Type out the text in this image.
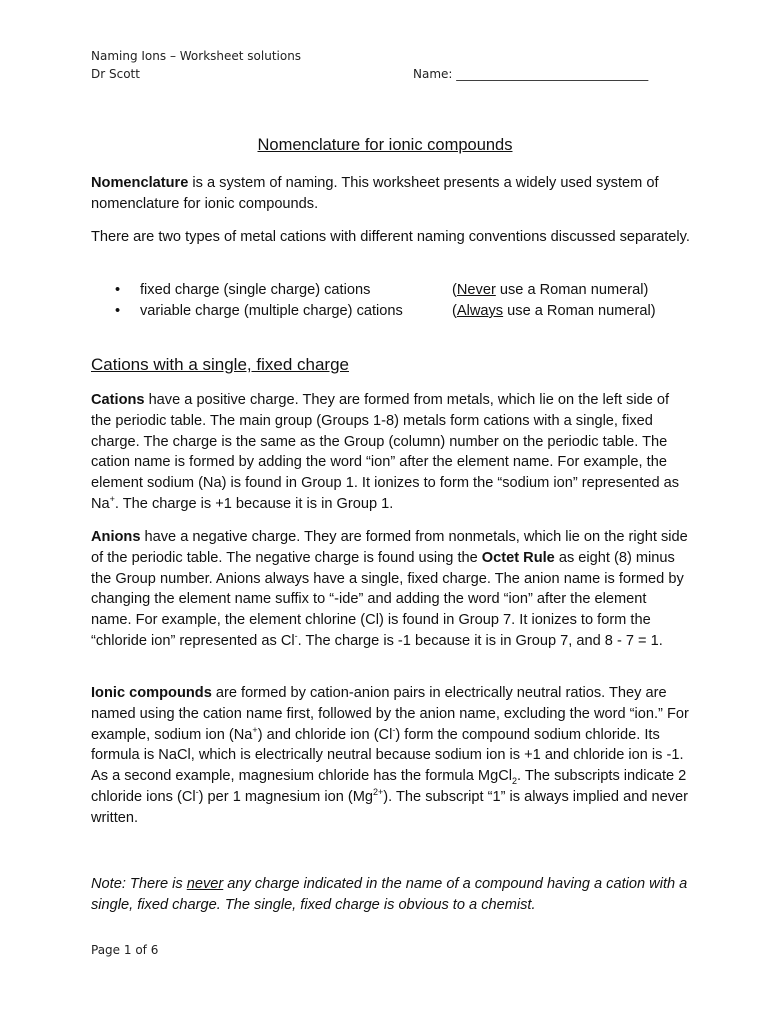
Naming Ions – Worksheet solutions
Dr Scott	Name: ________________________________
Nomenclature for ionic compounds

Nomenclature is a system of naming. This worksheet presents a widely used system of nomenclature for ionic compounds.

There are two types of metal cations with different naming conventions discussed separately.

• fixed charge (single charge) cations	(Never use a Roman numeral)
• variable charge (multiple charge) cations	(Always use a Roman numeral)
Cations with a single, fixed charge

Cations have a positive charge. They are formed from metals, which lie on the left side of the periodic table. The main group (Groups 1-8) metals form cations with a single, fixed charge. The charge is the same as the Group (column) number on the periodic table. The cation name is formed by adding the word “ion” after the element name. For example, the element sodium (Na) is found in Group 1. It ionizes to form the “sodium ion” represented as Na+. The charge is +1 because it is in Group 1.

Anions have a negative charge. They are formed from nonmetals, which lie on the right side of the periodic table. The negative charge is found using the Octet Rule as eight (8) minus the Group number. Anions always have a single, fixed charge. The anion name is formed by changing the element name suffix to “-ide” and adding the word “ion” after the element name. For example, the element chlorine (Cl) is found in Group 7. It ionizes to form the “chloride ion” represented as Cl-. The charge is -1 because it is in Group 7, and 8 - 7 = 1.

Ionic compounds are formed by cation-anion pairs in electrically neutral ratios. They are named using the cation name first, followed by the anion name, excluding the word “ion.” For example, sodium ion (Na+) and chloride ion (Cl-) form the compound sodium chloride. Its formula is NaCl, which is electrically neutral because sodium ion is +1 and chloride ion is -1. As a second example, magnesium chloride has the formula MgCl$_2$. The subscripts indicate 2 chloride ions (Cl-) per 1 magnesium ion $(Mg^{2+})$. The subscript “1” is always implied and never written.

Note: There is never any charge indicated in the name of a compound having a cation with a single, fixed charge. The single, fixed charge is obvious to a chemist.

Page 1 of 6
